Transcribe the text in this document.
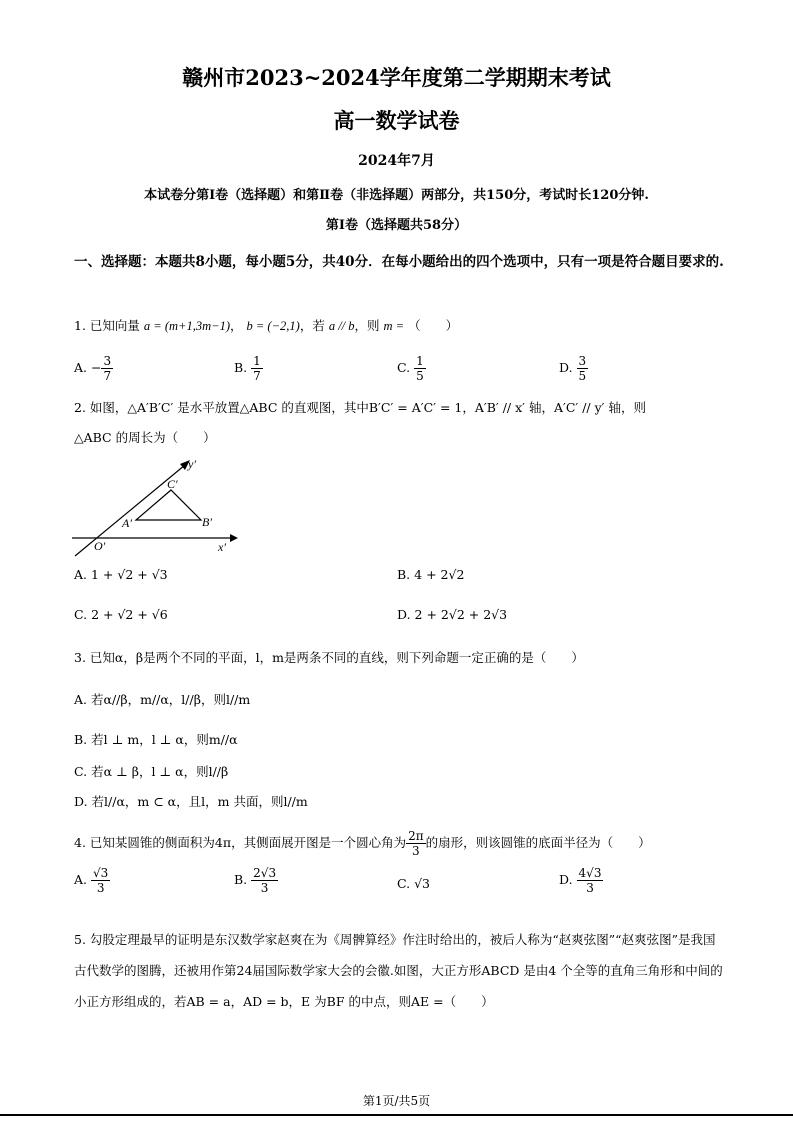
赣州市2023~2024学年度第二学期期末考试
高一数学试卷
2024年7月
本试卷分第Ⅰ卷（选择题）和第Ⅱ卷（非选择题）两部分，共150分，考试时长120分钟.
第Ⅰ卷（选择题共58分）
一、选择题：本题共8小题，每小题5分，共40分．在每小题给出的四个选项中，只有一项是符合题目要求的.
1. 已知向量 a = (m+1,3m−1)， b = (−2,1)，若 a // b，则 m = （　　）
A. − $\frac{3}{7}$	B. $\frac{1}{7}$	C. $\frac{1}{5}$	D. $\frac{3}{5}$
2. 如图，△A′B′C′ 是水平放置△ABC 的直观图，其中B′C′ = A′C′ = 1，A′B′ // x′ 轴，A′C′ // y′ 轴，则
△ABC 的周长为（　　）
y′
x′
O′
A′	B′
C′
A. 1 + √2 + √3	B. 4 + 2√2
C. 2 + √2 + √6	D. 2 + 2√2 + 2√3
3. 已知α，β是两个不同的平面，l，m是两条不同的直线，则下列命题一定正确的是（　　）
A. 若α//β，m//α，l//β，则l//m
B. 若l ⊥ m，l ⊥ α，则m//α
C. 若α ⊥ β，l ⊥ α，则l//β
D. 若l//α，m ⊂ α，且l，m 共面，则l//m
4. 已知某圆锥的侧面积为4π，其侧面展开图是一个圆心角为 $\frac{2\pi}{3}$ 的扇形，则该圆锥的底面半径为（　　）
A. $\frac{√3}{3}$	B. $\frac{2√3}{3}$	C. √3	D. $\frac{4√3}{3}$
5. 勾股定理最早的证明是东汉数学家赵爽在为《周髀算经》作注时给出的，被后人称为“赵爽弦图”“赵爽弦图”是我国古代数学的图腾，还被用作第24届国际数学家大会的会徽.如图，大正方形ABCD 是由4 个全等的直角三角形和中间的小正方形组成的，若AB = a，AD = b，E 为BF 的中点，则AE =（　　）
第1页/共5页
